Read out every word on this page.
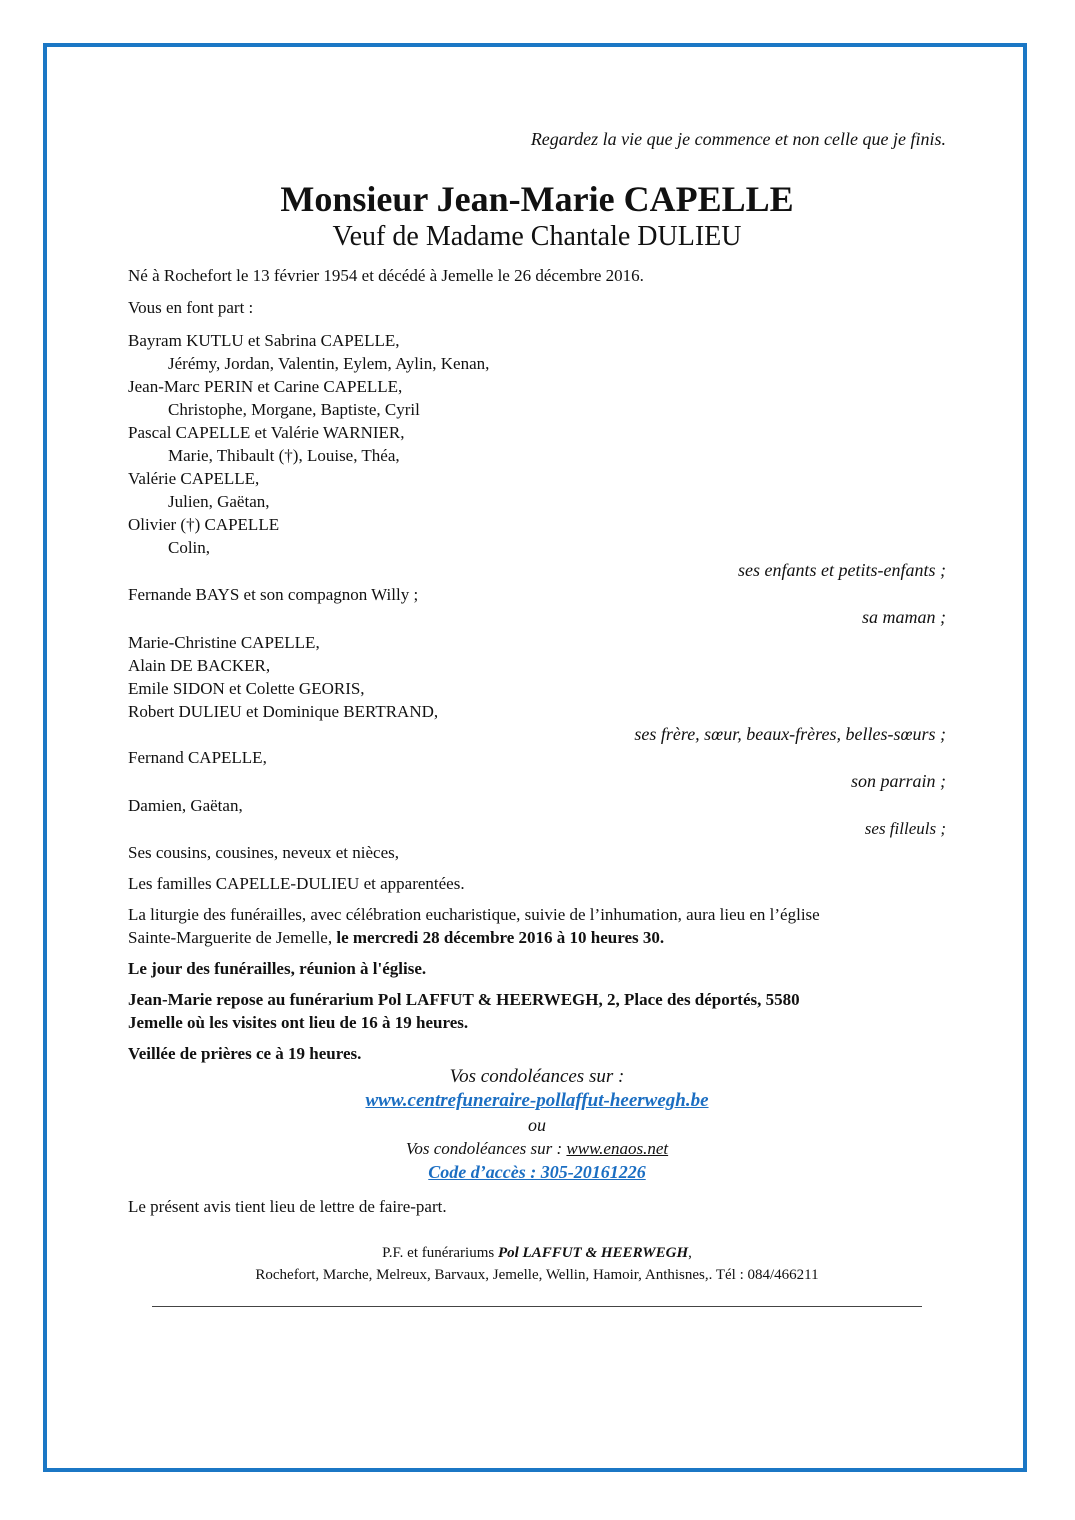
Regardez la vie que je commence et non celle que je finis.
Monsieur Jean-Marie CAPELLE
Veuf de Madame Chantale DULIEU
Né à Rochefort le 13 février 1954 et décédé à Jemelle le 26 décembre 2016.
Vous en font part :
Bayram KUTLU et Sabrina CAPELLE,
Jérémy, Jordan, Valentin, Eylem, Aylin, Kenan,
Jean-Marc PERIN et Carine CAPELLE,
Christophe, Morgane, Baptiste, Cyril
Pascal CAPELLE et Valérie WARNIER,
Marie, Thibault (†), Louise, Théa,
Valérie CAPELLE,
Julien, Gaëtan,
Olivier (†) CAPELLE
Colin,
ses enfants et petits-enfants ;
Fernande BAYS et son compagnon Willy ;
sa maman ;
Marie-Christine CAPELLE,
Alain DE BACKER,
Emile SIDON et Colette GEORIS,
Robert DULIEU et Dominique BERTRAND,
ses frère, sœur, beaux-frères, belles-sœurs ;
Fernand CAPELLE,
son parrain ;
Damien, Gaëtan,
ses filleuls ;
Ses cousins, cousines, neveux et nièces,
Les familles CAPELLE-DULIEU et apparentées.
La liturgie des funérailles, avec célébration eucharistique, suivie de l’inhumation, aura lieu en l’église
Sainte-Marguerite de Jemelle, le mercredi 28 décembre 2016 à 10 heures 30.
Le jour des funérailles, réunion à l'église.
Jean-Marie repose au funérarium Pol LAFFUT & HEERWEGH, 2, Place des déportés, 5580
Jemelle où les visites ont lieu de 16 à 19 heures.
Veillée de prières ce à 19 heures.
Vos condoléances sur :
www.centrefuneraire-pollaffut-heerwegh.be
ou
Vos condoléances sur : www.enaos.net
Code d’accès : 305-20161226
Le présent avis tient lieu de lettre de faire-part.
P.F. et funérariums Pol LAFFUT & HEERWEGH,
Rochefort, Marche, Melreux, Barvaux, Jemelle, Wellin, Hamoir, Anthisnes,. Tél : 084/466211
